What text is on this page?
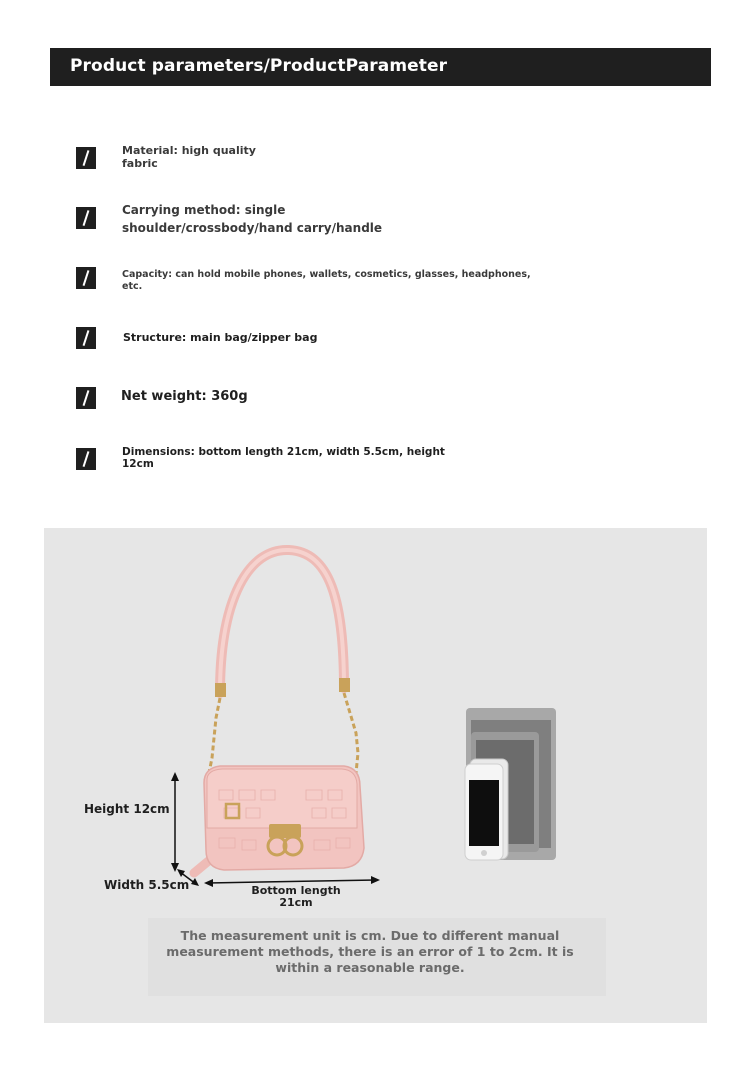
Product parameters/ProductParameter
Material: high quality
fabric
Carrying method: single
shoulder/crossbody/hand carry/handle
Capacity: can hold mobile phones, wallets, cosmetics, glasses, headphones, etc.
Structure: main bag/zipper bag
Net weight: 360g
Dimensions: bottom length 21cm, width 5.5cm, height
12cm
Height 12cm
Width 5.5cm	Bottom length
21cm
The measurement unit is cm. Due to different manual measurement methods, there is an error of 1 to 2cm. It is within a reasonable range.
